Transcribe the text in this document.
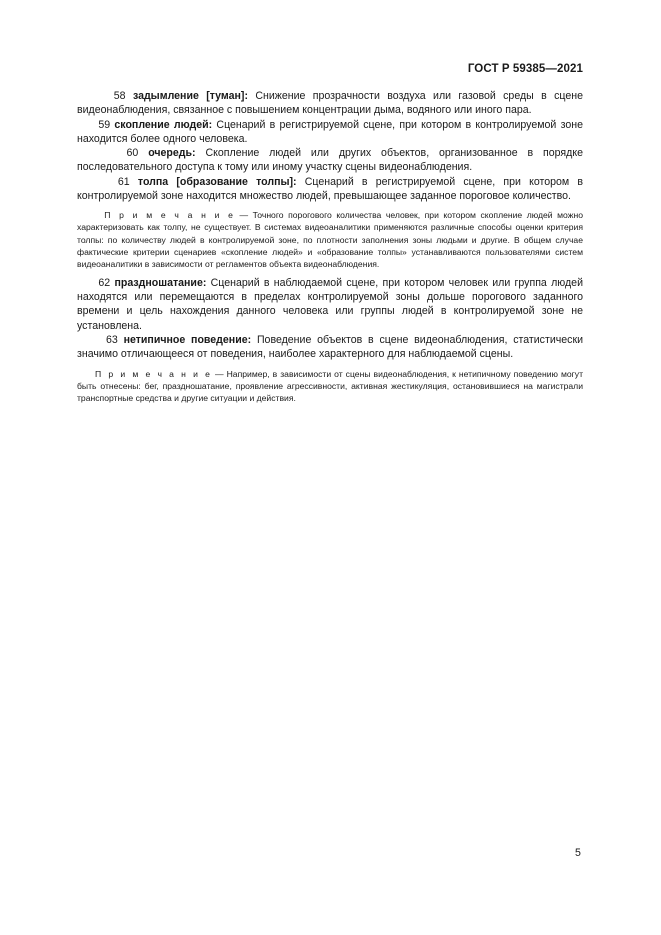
ГОСТ Р 59385—2021

58 задымление [туман]: Снижение прозрачности воздуха или газовой среды в сцене видеонаблюдения, связанное с повышением концентрации дыма, водяного или иного пара.

59 скопление людей: Сценарий в регистрируемой сцене, при котором в контролируемой зоне находится более одного человека.

60 очередь: Скопление людей или других объектов, организованное в порядке последовательного доступа к тому или иному участку сцены видеонаблюдения.

61 толпа [образование толпы]: Сценарий в регистрируемой сцене, при котором в контролируемой зоне находится множество людей, превышающее заданное пороговое количество.

П р и м е ч а н и е — Точного порогового количества человек, при котором скопление людей можно характеризовать как толпу, не существует. В системах видеоаналитики применяются различные способы оценки критерия толпы: по количеству людей в контролируемой зоне, по плотности заполнения зоны людьми и другие. В общем случае фактические критерии сценариев «скопление людей» и «образование толпы» устанавливаются пользователями систем видеоаналитики в зависимости от регламентов объекта видеонаблюдения.

62 праздношатание: Сценарий в наблюдаемой сцене, при котором человек или группа людей находятся или перемещаются в пределах контролируемой зоны дольше порогового заданного времени и цель нахождения данного человека или группы людей в контролируемой зоне не установлена.

63 нетипичное поведение: Поведение объектов в сцене видеонаблюдения, статистически значимо отличающееся от поведения, наиболее характерного для наблюдаемой сцены.

П р и м е ч а н и е — Например, в зависимости от сцены видеонаблюдения, к нетипичному поведению могут быть отнесены: бег, праздношатание, проявление агрессивности, активная жестикуляция, остановившиеся на магистрали транспортные средства и другие ситуации и действия.

5
